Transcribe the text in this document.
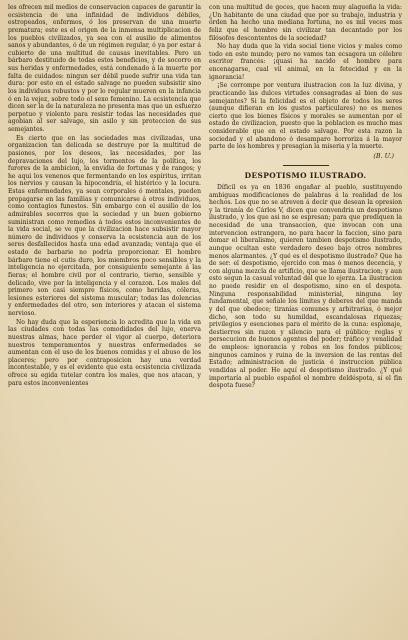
les ofrecen mil medios de conservacion capaces de garantir la ecsistencia de una infinidad de individuos débiles, estropeados, enfermos, ó los preservan de una muerte prematura; este es el origen de la inmensa multiplicacion de los pueblos civilizados, ya sea con el ausilio de alimentos sanos y abundantes, ó de un régimen regular, ó ya por estar á cubierto de una multitud de causas inevitables. Pero un bárbaro destituido de todas estos beneficios, y de socorro en sus heridas y enfermedades, está condenado á la muerte por falta de cuidados: ningun ser débil puede sufrir una vida tan dura: por esto en el estado salvage no pueden subsistir sino los individuos robustos y por lo regular mueren en la infancia ó en la vejez, sobre todo el sexo femenino. La ecsistencia que dicen ser la de la naturaleza no presenta mas que un esfuerzo perpetuo y violento para resistir todas las necesidades que agobian al ser salvage, sin asilo y sin proteccion de sus semejantes.

Es cierto que en las sociedades mas civilizadas, una organizacion tan delicada se destruye por la multitud de pasiones, por los deseos, las necesidades, por las depravaciones del lujo, los tormentos de la política, los furores de la ambicion, la envidia de fortunas y de rangos; y he aqui los venenos que fermentando en los espíritus, irritan los nervios y causan la hipocondría, el histérico y la locura. Estas enfermedades, ya sean corporales ó mentales, pueden propagarse en las familias y comunicarse á otros individuos, como contagios funestos. Sin embargo con el ausilio de los admirables socorros que la sociedad y un buen gobierno suministran como remedios á todos estos inconvenientes de la vida social, se ve que la civilizacion hace subsistir mayor número de individuos y conserva la ecsistencia aun de los seres desfallecidos hasta una edad avanzada; ventaja que el estado de barbarie no podria proporcionar. El hombre bárbaro tiene el cutis duro, los miembros poco sensibles y la inteligencia no ejercitada, por consiguiente semejante á las fieras; el hombre civil por el contrario, tierno, sensible y delicado, vive por la inteligencia y el corazon. Los males del primero son casi siempre físicos, como heridas, cóleras, lesiones esteriores del sistema muscular; todas las dolencias y enfermedades del otro, son interiores y atacan el sistema nervioso.

No hay duda que la esperiencia lo acredita que la vida en las ciudades con todas las comodidades del lujo, enerva nuestras almas, hace perder el vigor al cuerpo, deteriora nuestros temperamentos y nuestras enfermedades se aumentan con el uso de los buenos comidas y el abuso de los placeres; pero por contraposicion hay una verdad incontestable, y es el evidente que esta ecsistencia civilizada ofrece su egida tutelar contra los males, que nos atacan, y para estos inconvenientes

con una multitud de goces, que hacen muy alagueña la vida: ¿Un habitante de una ciudad que por su trabajo, industria y órden ha hecho una mediana fortuna, no es mil veces mas feliz que el hombre sin civilizar tan decantado por los filósofos descontentos de la sociedad?

No hay duda que la vida social tiene vicios y males como todo en este mundo; pero no vamos tan ecsagera un célebre escritor francés: ¡quasi ha nacido el hombre para encenagarse, cual vil animal, en la fetecidad y en la ignorancia!

¡Se corrompe por ventura ilustracion con la luz divina, y practicando las dulces virtudes consagradas al bien de sus semejantes? Si la felicidad es el objeto de todos los seres (aunque difieran en los gustos particulares) no es menos cierto que los bienes físicos y morales se aumentan por el estado de civilizacion, puesto que la poblacion es mucho mas considerable que en el estado salvage. Por esta razon la sociedad y el abandono ó desamparo horroriza á la mayor parte de los hombres y presagian la miseria y la muerte.

(B. U.)
DESPOTISMO ILUSTRADO.

Díficil es ya en 1836 engañar al pueblo, sustituyendo ambiguas modificaciones de palabras á la realidad de los hechos. Los que no se atreven á decir que desean la opresion y la tiranía de Cárlos V, dicen que convendria un despotismo ilustrado, y los que asi no se espresan; para que prediquen la necesidad de una transaccion, que invocan con una intervencion estrangera, no para hacer la faccion, sino para domar el liberalismo, quieren tambien despotismo ilustrado, aunque ocultan este verdadero deseo bajo otros nombres menos alarmantes. ¿Y qué es el despotismo ilustrado? Que ha de ser: el despotismo, ejercido con mas ó menos decencia, y con alguna mezcla de artificio, que se llama ilustracion; y aun esto segun la casual voluntad del que lo ejerza. La ilustracion no puede residir en el despotismo, sino en el despota. Ninguna responsabilidad ministerial, ninguna ley fundamental, que señale los límites y deberes del que manda y del que obedece; tiranías comunes y arbitrarias, ó mejor dicho, son todo su humildad, escandalosas riquezas; privilegios y esenciones para el mérito de la cuna: espionaje, destierros sin razon y silencio para el público; reglas y persecucion de buenos agentes del poder; tráfico y venalidad de empleos: ignorancia y robos en los fondos públicos; ningunos caminos y ruina de la inversion de las rentas del Estado; administracion de justicia é instruccion pública vendidas al poder. He aquí el despotismo ilustrado. ¿Y qué importaría al pueblo español el nombre deldéspota, si el fin despota fuese?
